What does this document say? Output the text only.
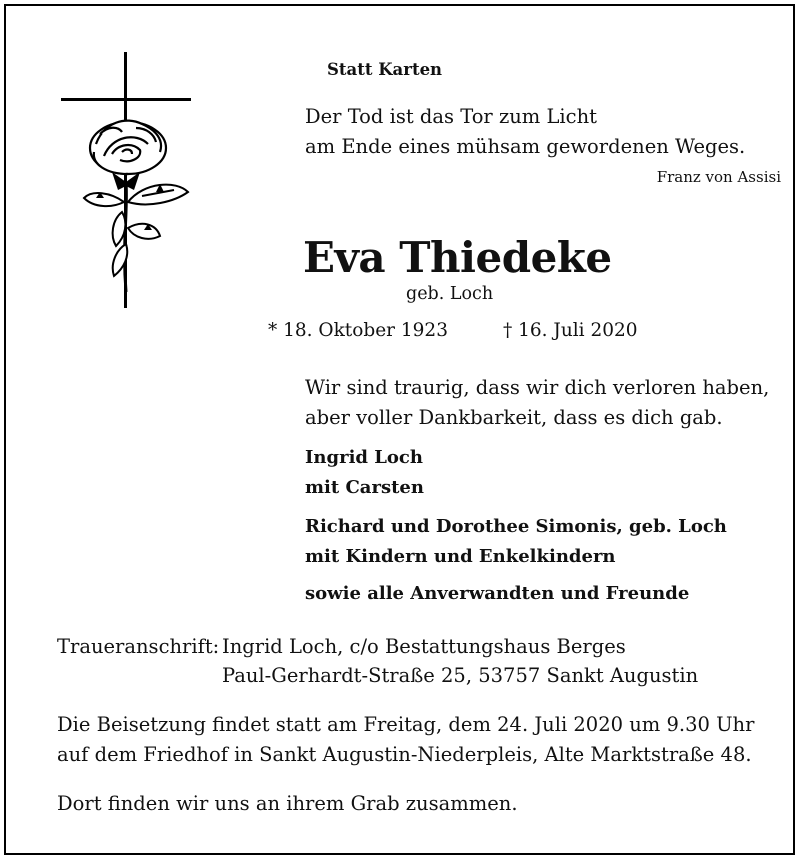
Statt Karten
Der Tod ist das Tor zum Licht
am Ende eines mühsam gewordenen Weges.
Franz von Assisi
Eva Thiedeke
geb. Loch
* 18. Oktober 1923	† 16. Juli 2020
Wir sind traurig, dass wir dich verloren haben,
aber voller Dankbarkeit, dass es dich gab.
Ingrid Loch
mit Carsten
Richard und Dorothee Simonis, geb. Loch
mit Kindern und Enkelkindern
sowie alle Anverwandten und Freunde
Traueranschrift: Ingrid Loch, c/o Bestattungshaus Berges
Paul-Gerhardt-Straße 25, 53757 Sankt Augustin
Die Beisetzung findet statt am Freitag, dem 24. Juli 2020 um 9.30 Uhr
auf dem Friedhof in Sankt Augustin-Niederpleis, Alte Marktstraße 48.
Dort finden wir uns an ihrem Grab zusammen.
